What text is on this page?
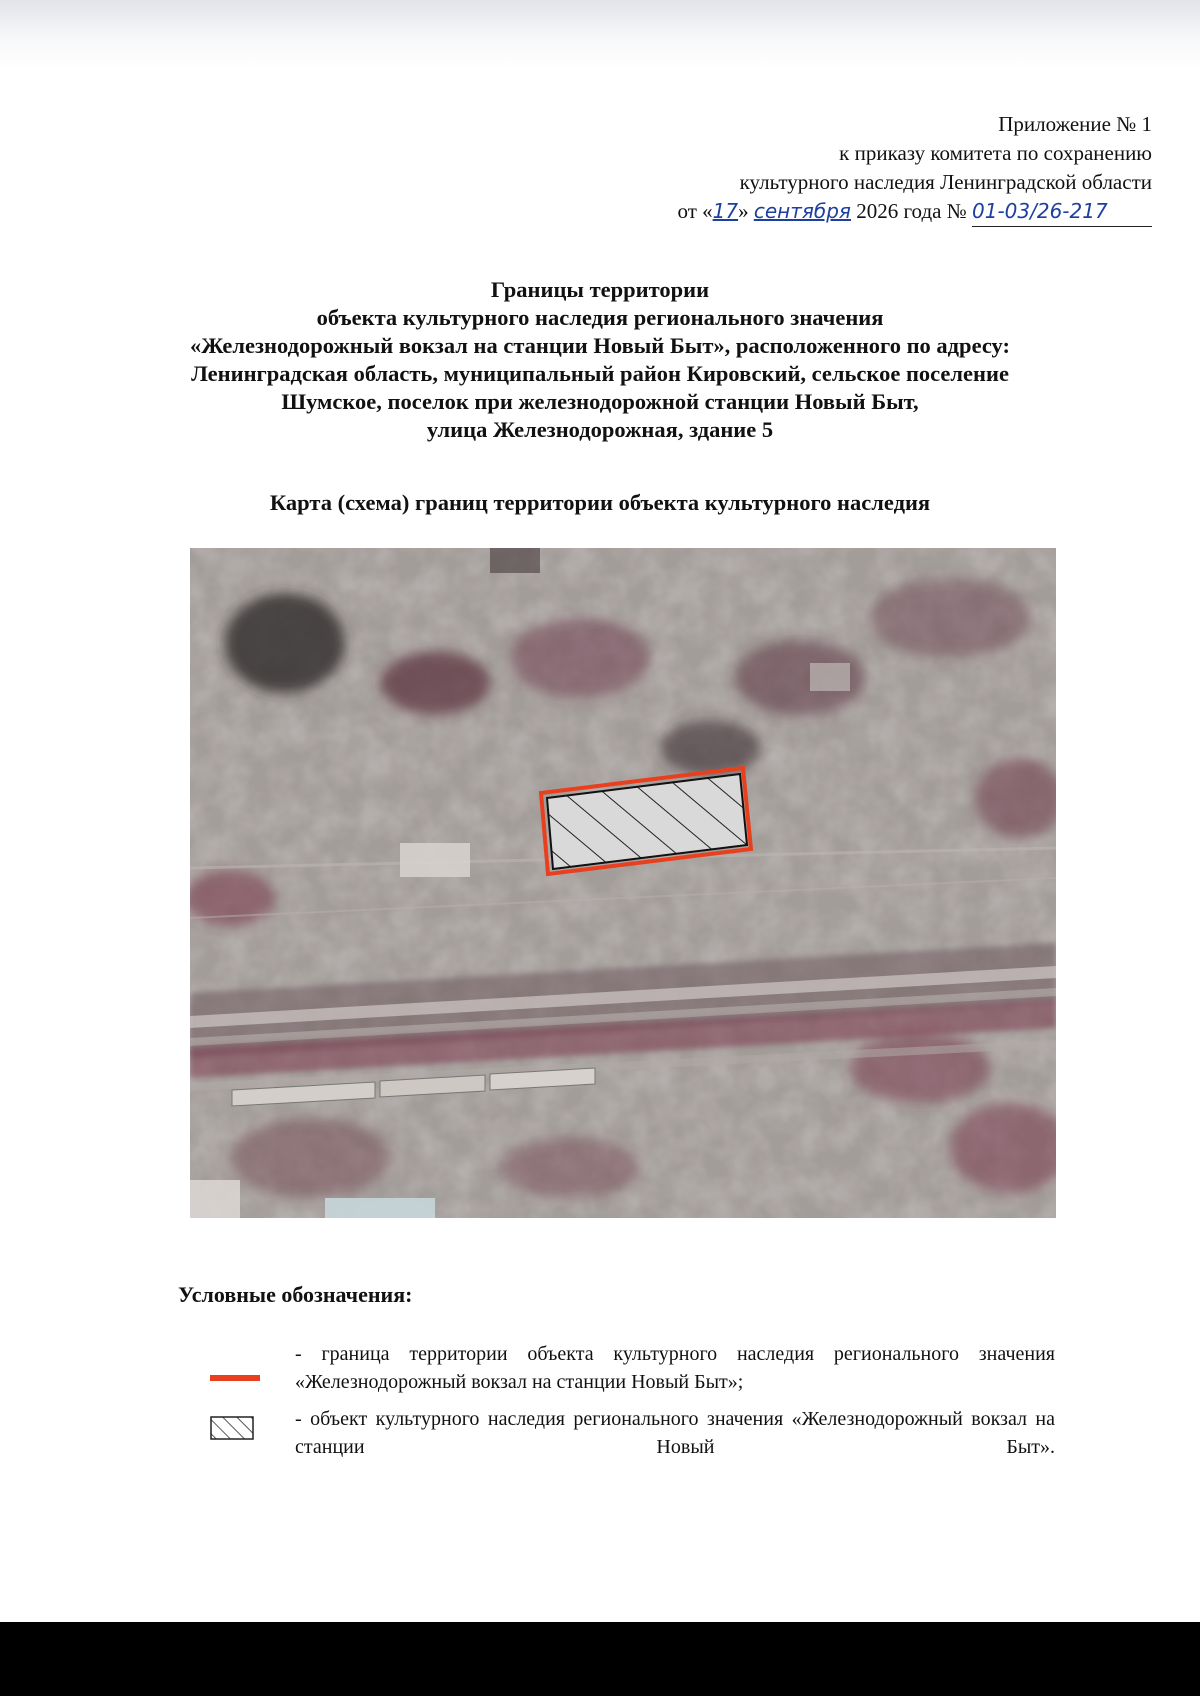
Приложение № 1
к приказу комитета по сохранению
культурного наследия Ленинградской области
от «17» сентября 2026 года № 01-03/26-217
Границы территории
объекта культурного наследия регионального значения
«Железнодорожный вокзал на станции Новый Быт», расположенного по адресу:
Ленинградская область, муниципальный район Кировский, сельское поселение
Шумское, поселок при железнодорожной станции Новый Быт,
улица Железнодорожная, здание 5
Карта (схема) границ территории объекта культурного наследия
Условные обозначения:
- граница территории объекта культурного наследия регионального значения «Железнодорожный вокзал на станции Новый Быт»;
- объект культурного наследия регионального значения «Железнодорожный вокзал на станции Новый Быт».
